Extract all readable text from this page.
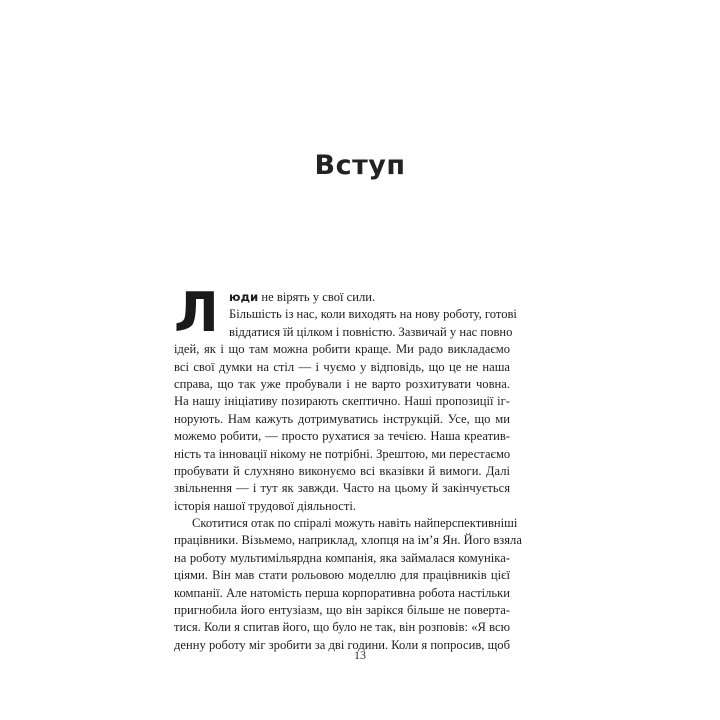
Вступ
Л юди не вірять у свої сили.
Більшість із нас, коли виходять на нову роботу, готові
віддатися їй цілком і повністю. Зазвичай у нас повно
ідей, як і що там можна робити краще. Ми радо викладаємо
всі свої думки на стіл — і чуємо у відповідь, що це не наша
справа, що так уже пробували і не варто розхитувати човна.
На нашу ініціативу позирають скептично. Наші пропозиції іг-
норують. Нам кажуть дотримуватись інструкцій. Усе, що ми
можемо робити, — просто рухатися за течією. Наша креатив-
ність та інновації нікому не потрібні. Зрештою, ми перестаємо
пробувати й слухняно виконуємо всі вказівки й вимоги. Далі
звільнення — і тут як завжди. Часто на цьому й закінчується
історія нашої трудової діяльності.
Скотитися отак по спіралі можуть навіть найперспективніші
працівники. Візьмемо, наприклад, хлопця на ім’я Ян. Його взяла
на роботу мультимільярдна компанія, яка займалася комуніка-
ціями. Він мав стати рольовою моделлю для працівників цієї
компанії. Але натомість перша корпоративна робота настільки
пригнобила його ентузіазм, що він зарікся більше не поверта-
тися. Коли я спитав його, що було не так, він розповів: «Я всю
денну роботу міг зробити за дві години. Коли я попросив, щоб
13
